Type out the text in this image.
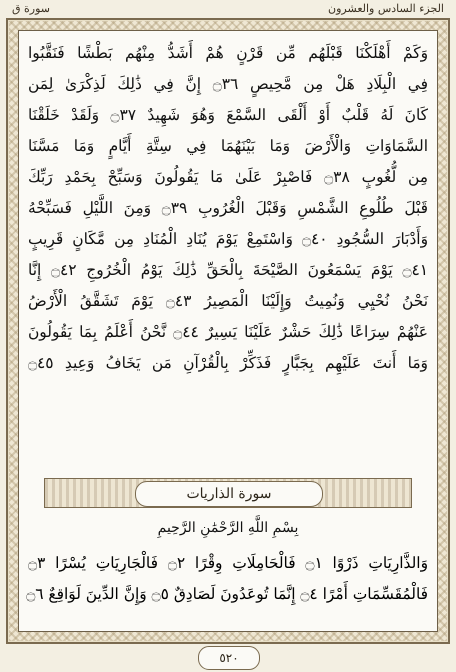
الجزء السادس والعشرون
سورة ق
وَكَمْ أَهْلَكْنَا قَبْلَهُم مِّن قَرْنٍ هُمْ أَشَدُّ مِنْهُم بَطْشًا فَنَقَّبُوا
فِي الْبِلَادِ هَلْ مِن مَّحِيصٍ ۝٣٦ إِنَّ فِي ذَٰلِكَ لَذِكْرَىٰ لِمَن
كَانَ لَهُ قَلْبٌ أَوْ أَلْقَى السَّمْعَ وَهُوَ شَهِيدٌ ۝٣٧ وَلَقَدْ خَلَقْنَا
السَّمَاوَاتِ وَالْأَرْضَ وَمَا بَيْنَهُمَا فِي سِتَّةِ أَيَّامٍ وَمَا مَسَّنَا
مِن لُّغُوبٍ ۝٣٨ فَاصْبِرْ عَلَىٰ مَا يَقُولُونَ وَسَبِّحْ بِحَمْدِ رَبِّكَ
قَبْلَ طُلُوعِ الشَّمْسِ وَقَبْلَ الْغُرُوبِ ۝٣٩ وَمِنَ اللَّيْلِ فَسَبِّحْهُ
وَأَدْبَارَ السُّجُودِ ۝٤٠ وَاسْتَمِعْ يَوْمَ يُنَادِ الْمُنَادِ مِن مَّكَانٍ قَرِيبٍ
۝٤١ يَوْمَ يَسْمَعُونَ الصَّيْحَةَ بِالْحَقِّ ذَٰلِكَ يَوْمُ الْخُرُوجِ ۝٤٢ إِنَّا
نَحْنُ نُحْيِي وَنُمِيتُ وَإِلَيْنَا الْمَصِيرُ ۝٤٣ يَوْمَ تَشَقَّقُ الْأَرْضُ
عَنْهُمْ سِرَاعًا ذَٰلِكَ حَشْرٌ عَلَيْنَا يَسِيرٌ ۝٤٤ نَّحْنُ أَعْلَمُ بِمَا يَقُولُونَ
وَمَا أَنتَ عَلَيْهِم بِجَبَّارٍ فَذَكِّرْ بِالْقُرْآنِ مَن يَخَافُ وَعِيدِ ۝٤٥
سورة الذاريات
بِسْمِ اللَّهِ الرَّحْمَٰنِ الرَّحِيمِ
وَالذَّارِيَاتِ ذَرْوًا ۝١ فَالْحَامِلَاتِ وِقْرًا ۝٢ فَالْجَارِيَاتِ يُسْرًا ۝٣
فَالْمُقَسِّمَاتِ أَمْرًا ۝٤ إِنَّمَا تُوعَدُونَ لَصَادِقٌ ۝٥ وَإِنَّ الدِّينَ لَوَاقِعٌ ۝٦
٥٢٠
